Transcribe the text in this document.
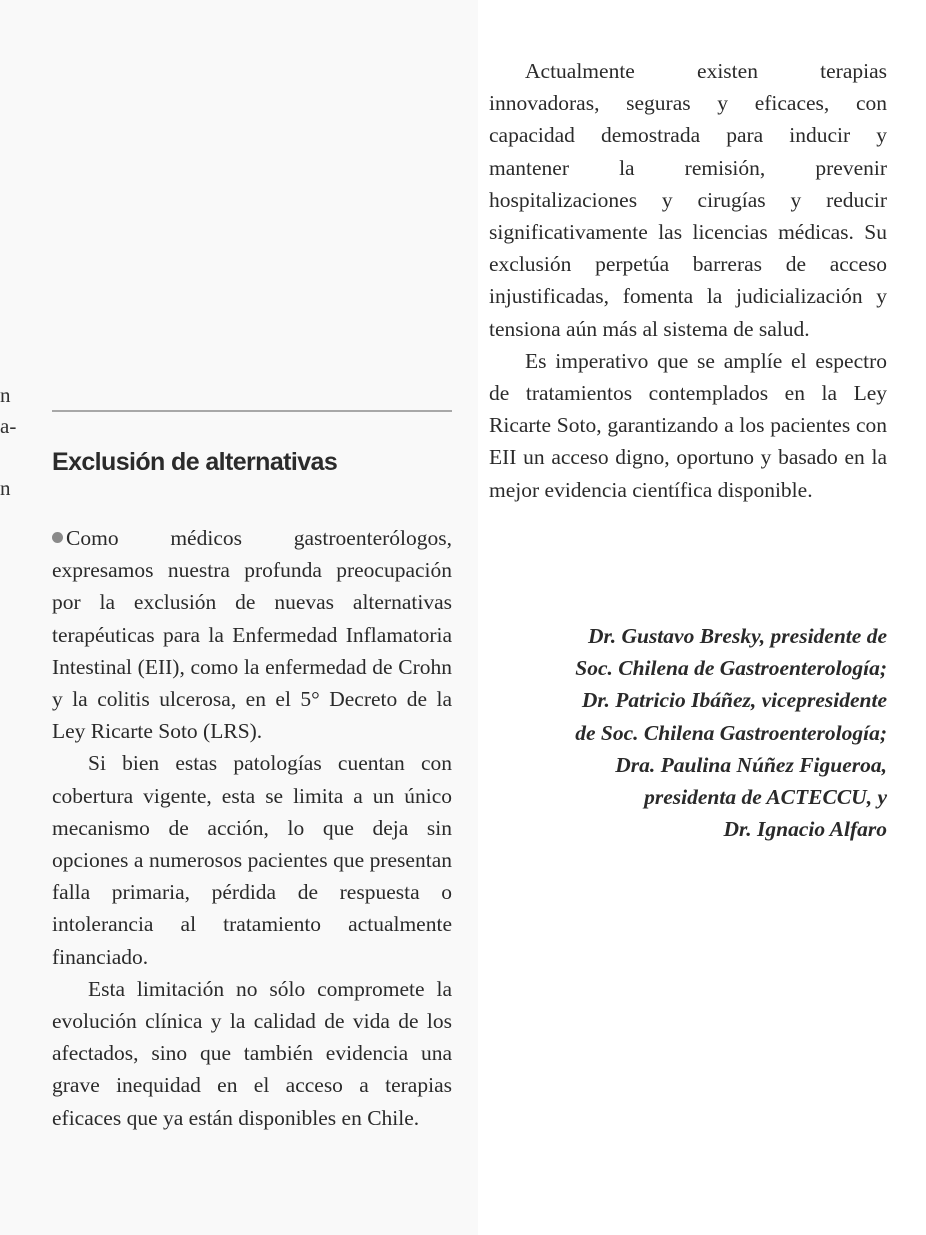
n
a-
n
Exclusión de alternativas

Como médicos gastroenterólogos, expresamos nuestra profunda preocupación por la exclusión de nuevas alternativas terapéuticas para la Enfermedad Inflamatoria Intestinal (EII), como la enfermedad de Crohn y la colitis ulcerosa, en el 5° Decreto de la Ley Ricarte Soto (LRS).

Si bien estas patologías cuentan con cobertura vigente, esta se limita a un único mecanismo de acción, lo que deja sin opciones a numerosos pacientes que presentan falla primaria, pérdida de respuesta o intolerancia al tratamiento actualmente financiado.

Esta limitación no sólo compromete la evolución clínica y la calidad de vida de los afectados, sino que también evidencia una grave inequidad en el acceso a terapias eficaces que ya están disponibles en Chile.

Actualmente existen terapias innovadoras, seguras y eficaces, con capacidad demostrada para inducir y mantener la remisión, prevenir hospitalizaciones y cirugías y reducir significativamente las licencias médicas. Su exclusión perpetúa barreras de acceso injustificadas, fomenta la judicialización y tensiona aún más al sistema de salud.

Es imperativo que se amplíe el espectro de tratamientos contemplados en la Ley Ricarte Soto, garantizando a los pacientes con EII un acceso digno, oportuno y basado en la mejor evidencia científica disponible.

Dr. Gustavo Bresky, presidente de
Soc. Chilena de Gastroenterología;
Dr. Patricio Ibáñez, vicepresidente
de Soc. Chilena Gastroenterología;
Dra. Paulina Núñez Figueroa,
presidenta de ACTECCU, y
Dr. Ignacio Alfaro
